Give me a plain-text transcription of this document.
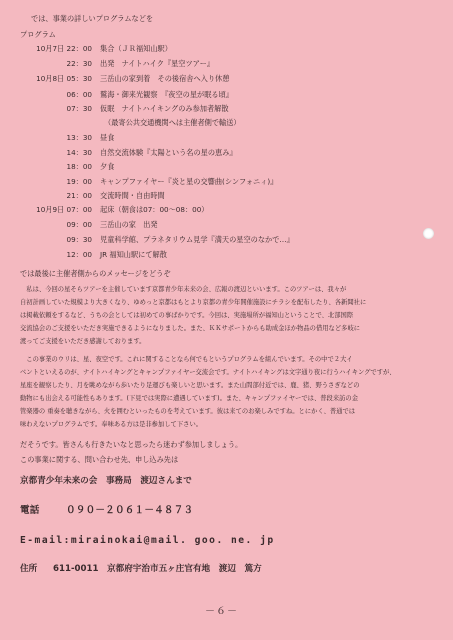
では、事業の詳しいプログラムなどを
プログラム
10月7日 22：00 集合（ＪＲ福知山駅）
22：30 出発　ナイトハイク『星空ツアー』
10月8日 05：30 三岳山の家到着　その後宿舎へ入り休憩
06：00 鷲海・御来光観察　『夜空の星が眠る頃』
07：30 仮眠　ナイトハイキングのみ参加者解散
（最寄公共交通機関へは主催者側で輸送）
13：30 昼食
14：30 自然交流体験『太陽という名の星の恵み』
18：00 夕食
19：00 キャンプファイヤー『炎と星の交響曲(シンフォニィ)』
21：00 交流時間・自由時間
10月9日 07：00 起床（朝食は07：00～08：00）
09：00 三岳山の家　出発
09：30 児童科学館、プラネタリウム見学『満天の星空のなかで…』
12：00 JR 福知山駅にて解散
では最後に主催者側からのメッセージをどうぞ
　私は、今回の星そらツアーを主催しています京都青少年未来の会、広報の渡辺といいます。このツアーは、我々が
自初計画していた規模より大きくなり、ゆめっと京都はもとより京都の青少年開催施設にチラシを配布したり、各新聞社に
は掲載依頼をするなど、うちの会としては初めての事ばかりです。今回は、実施場所が福知山ということで、北部国際
交流協会のご支援をいただき実施できるようになりました。また、ＫＫサポートからも助成金ほか物品の借用など多岐に
渡ってご支援をいただき感謝しております。
　この事業のウリは、星、夜空です。これに関することなら何でもというプログラムを組んでいます。その中で２大イ
ベントといえるのが、ナイトハイキングとキャンプファイヤー交流会です。ナイトハイキングは文字通り夜に行うハイキングですが、
星座を観察したり、月を眺めながら歩いたり足運びも楽しいと思います。また山間部付近では、鹿、猪、野うさぎなどの
動物にも出会える可能性もあります。(下見では実際に遭遇しています)。また、キャンプファイヤーでは、普段来訪の金
管楽器の 重奏を聴きながら、火を囲むといったものを考えています。彼は来てのお楽しみですね。とにかく、普通では
味わえないプログラムです。奉味ある方は是非参加して下さい。
だそうです。皆さんも行きたいなと思ったら迷わず参加しましょう。
この事業に関する、問い合わせ先、申し込み先は
京都青少年未来の会　事務局　渡辺さんまで
電話	０９０－２０６１－４８７３
E-mail:mirainokai@mail. goo. ne. jp
住所 611-0011　京都府宇治市五ヶ庄官有地　渡辺　篤方
－６－
